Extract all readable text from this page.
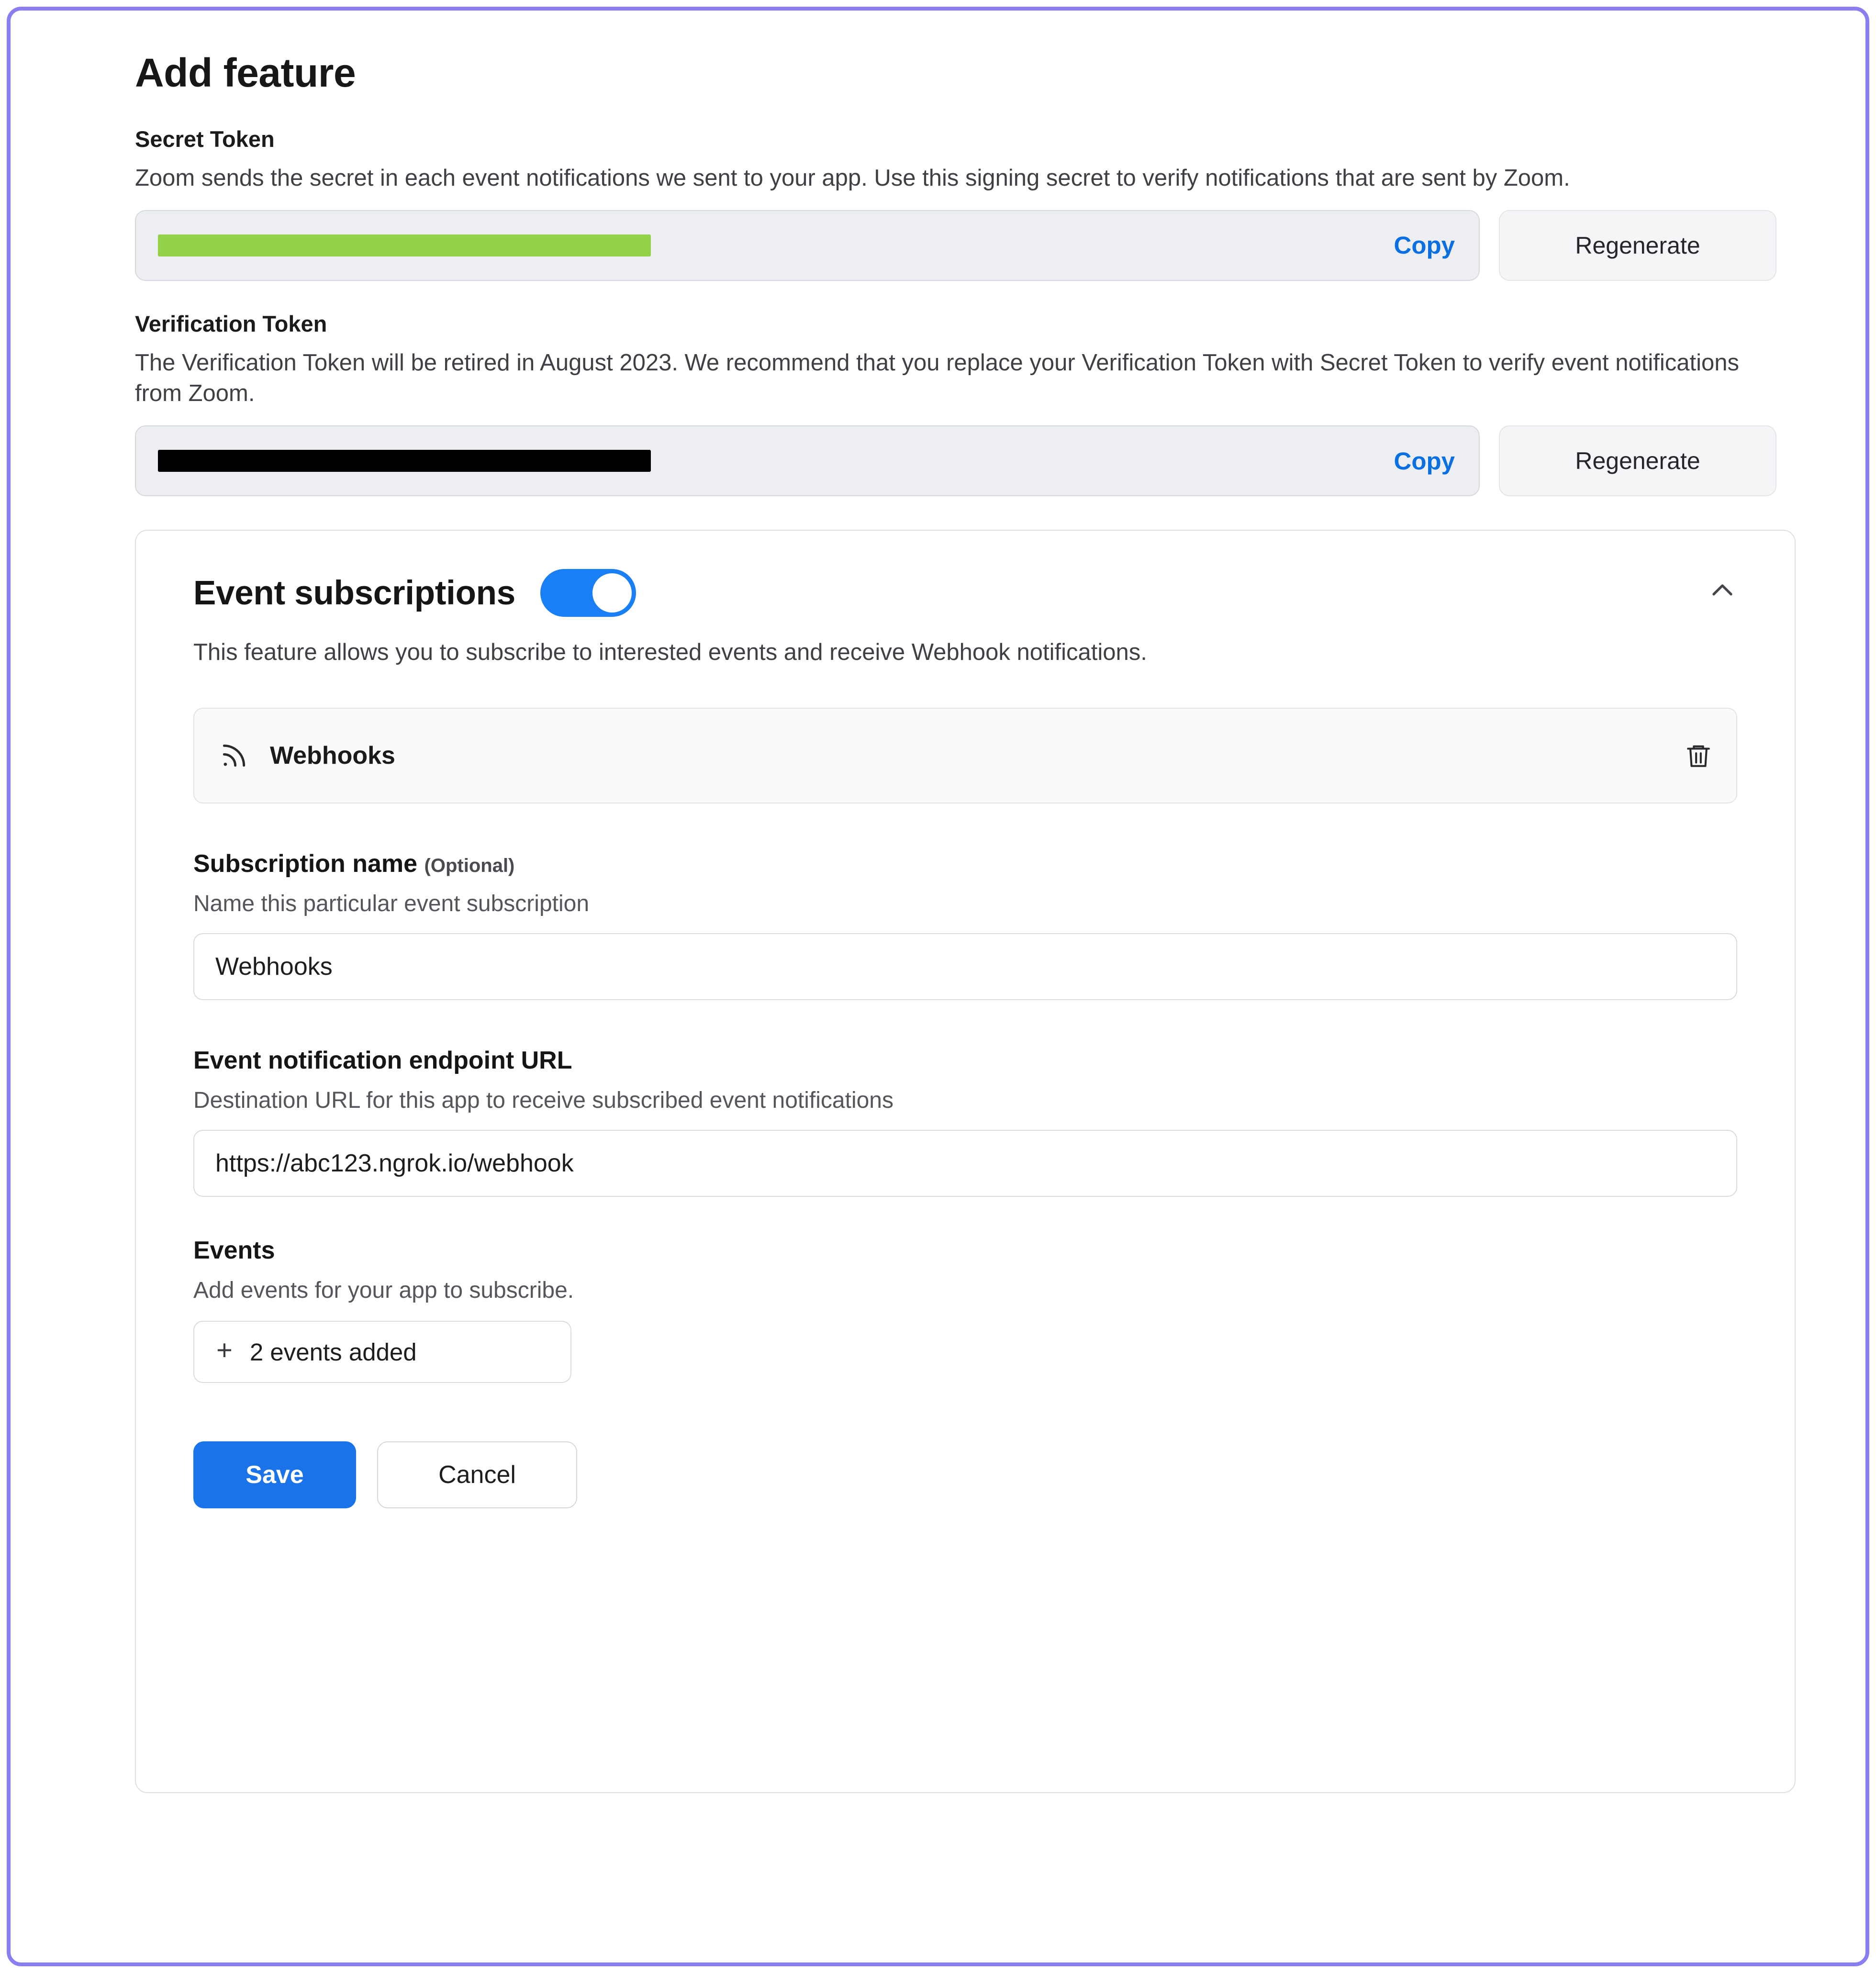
Add feature
Secret Token
Zoom sends the secret in each event notifications we sent to your app. Use this signing secret to verify notifications that are sent by Zoom.
Copy	Regenerate
Verification Token
The Verification Token will be retired in August 2023. We recommend that you replace your Verification Token with Secret Token to verify event notifications from Zoom.
Copy	Regenerate
Event subscriptions
This feature allows you to subscribe to interested events and receive Webhook notifications.
Webhooks
Subscription name (Optional)
Name this particular event subscription
Webhooks
Event notification endpoint URL
Destination URL for this app to receive subscribed event notifications
https://abc123.ngrok.io/webhook
Events
Add events for your app to subscribe.
+ 2 events added
Save	Cancel
